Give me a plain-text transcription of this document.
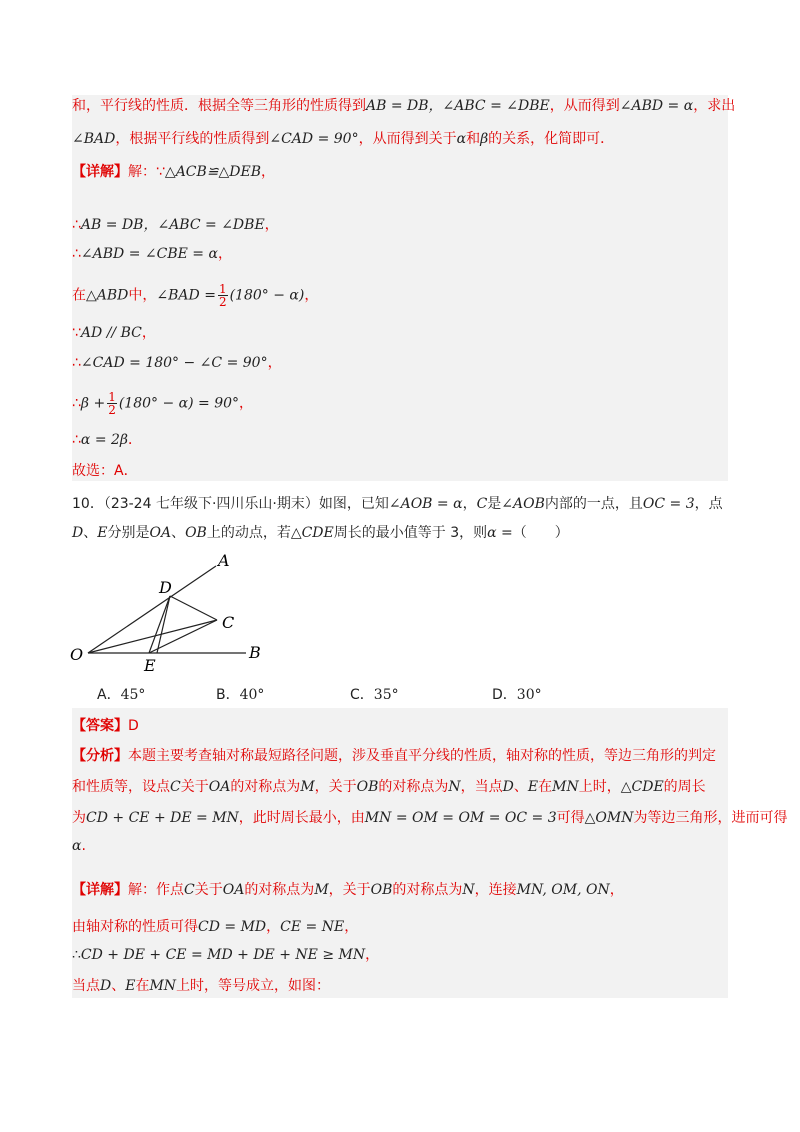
和，平行线的性质．根据全等三角形的性质得到AB = DB，∠ABC = ∠DBE，从而得到∠ABD = α，求出
∠BAD，根据平行线的性质得到∠CAD = 90°，从而得到关于α和β的关系，化简即可．
【详解】解：∵△ACB≌△DEB，
∴AB = DB，∠ABC = ∠DBE，
∴∠ABD = ∠CBE = α，
在△ABD中，∠BAD = $\frac{1}{2} (180^\circ - \alpha)$，
∵AD // BC，
∴∠CAD = 180° − ∠C = 90°，
∴β + $\frac{1}{2} (180^\circ - \alpha) = 90^\circ$，
∴α = 2β．
故选：A．
10．（23-24 七年级下·四川乐山·期末）如图，已知∠AOB = α，C是∠AOB内部的一点，且OC = 3，点
D、E分别是OA、OB上的动点，若△CDE周长的最小值等于 3，则α =（　　）
A
D
C
O
E
B
A．45°	B．40°	C．35°	D．30°
【答案】D
【分析】本题主要考查轴对称最短路径问题，涉及垂直平分线的性质，轴对称的性质，等边三角形的判定
和性质等，设点C关于OA的对称点为M，关于OB的对称点为N，当点D、E在MN上时，△CDE的周长
为CD + CE + DE = MN，此时周长最小，由MN = OM = OM = OC = 3可得△OMN为等边三角形，进而可得
α.
【详解】解：作点C关于OA的对称点为M，关于OB的对称点为N，连接MN, OM, ON，
由轴对称的性质可得CD = MD，CE = NE，
∴CD + DE + CE = MD + DE + NE ≥ MN，
当点D、E在MN上时，等号成立，如图：
